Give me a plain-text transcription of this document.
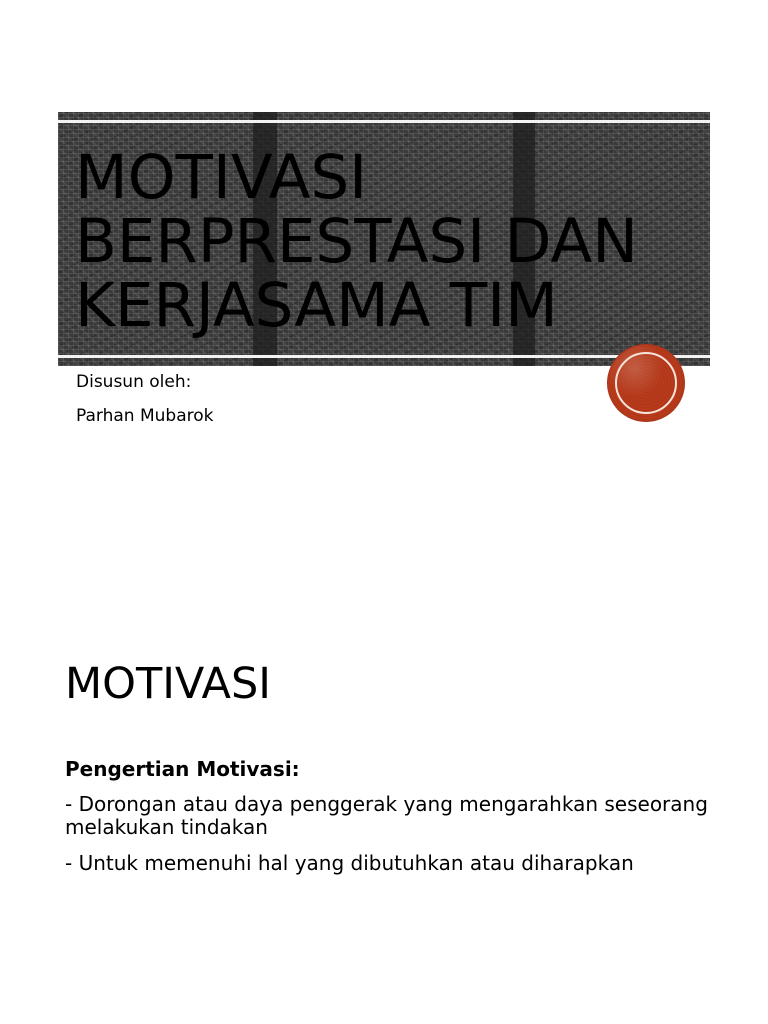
MOTIVASI BERPRESTASI DAN KERJASAMA TIM

Disusun oleh:

Parhan Mubarok

MOTIVASI

Pengertian Motivasi:

- Dorongan atau daya penggerak yang mengarahkan seseorang melakukan tindakan

- Untuk memenuhi hal yang dibutuhkan atau diharapkan
